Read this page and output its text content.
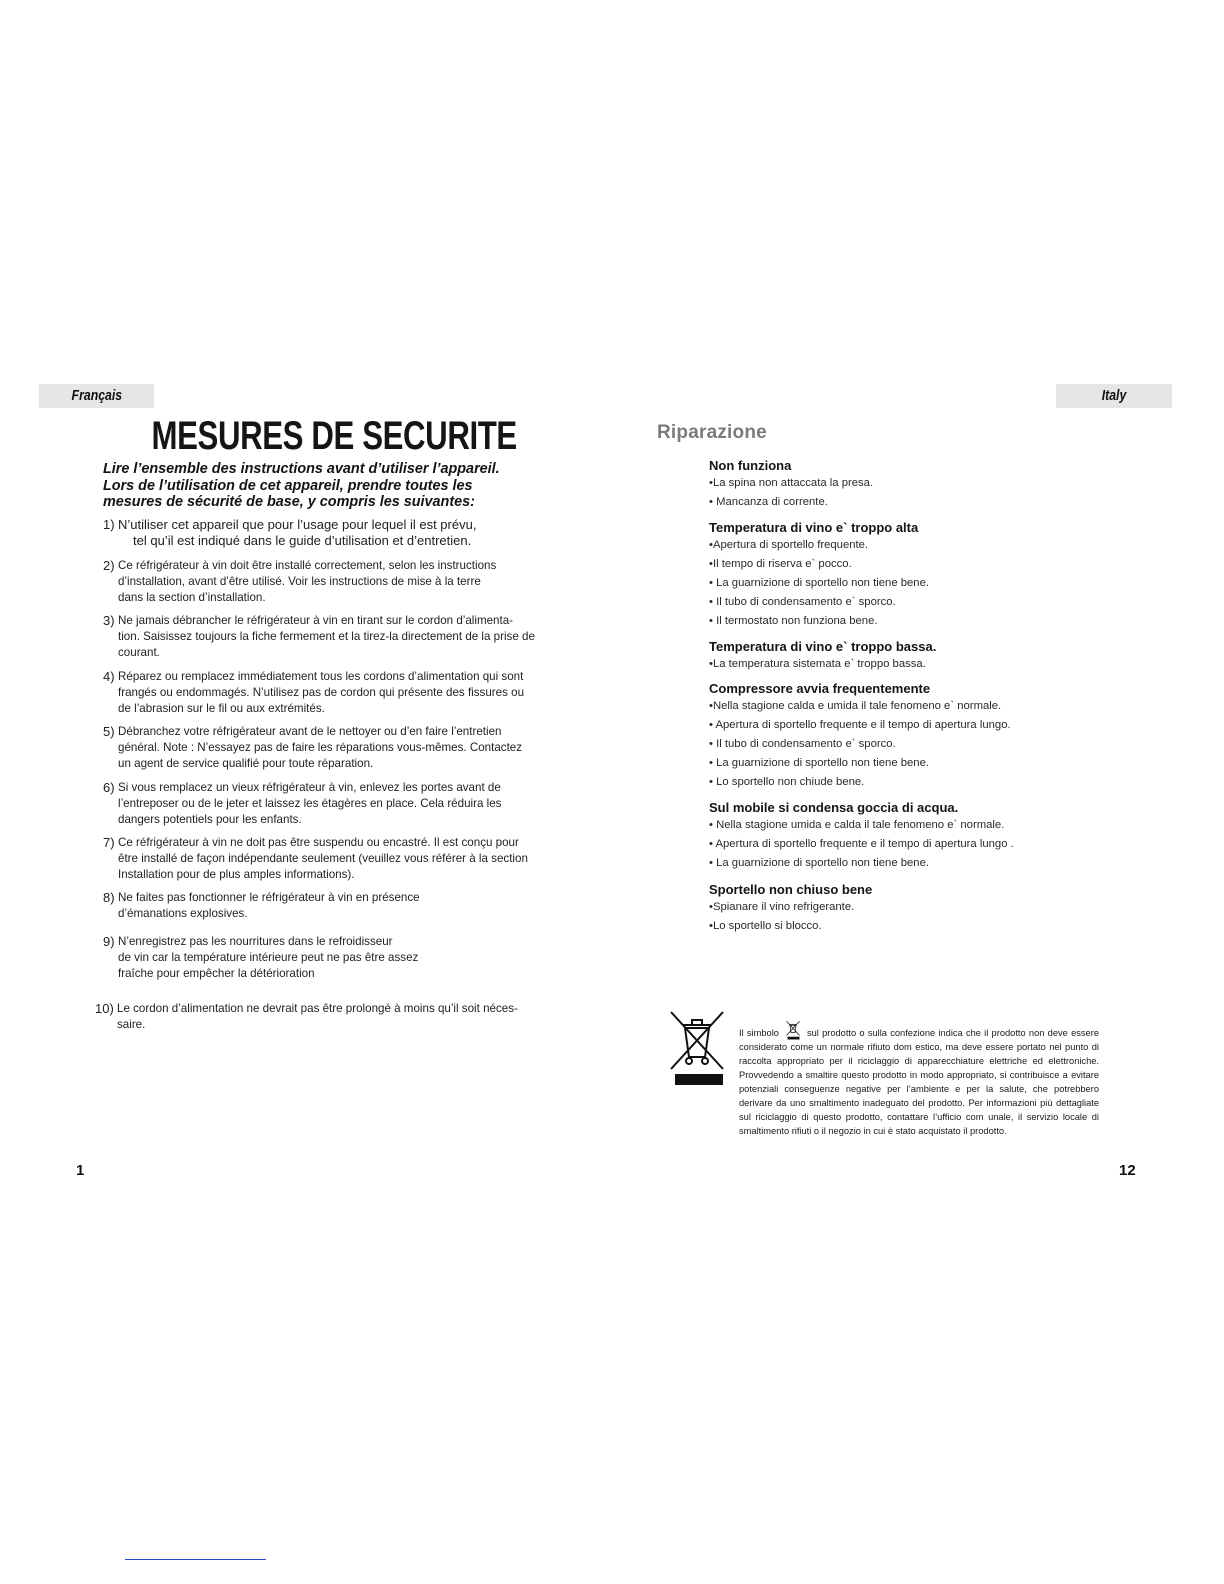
Français	Italy
MESURES DE SECURITE
Lire l’ensemble des instructions avant d’utiliser l’appareil.
Lors de l’utilisation de cet appareil, prendre toutes les
mesures de sécurité de base, y compris les suivantes:
1) N’utiliser cet appareil que pour l’usage pour lequel il est prévu,
tel qu’il est indiqué dans le guide d’utilisation et d’entretien.
2) Ce réfrigérateur à vin doit être installé correctement, selon les instructions
d’installation, avant d’être utilisé. Voir les instructions de mise à la terre
dans la section d’installation.
3) Ne jamais débrancher le réfrigérateur à vin en tirant sur le cordon d’alimenta-
tion. Saisissez toujours la fiche fermement et la tirez-la directement de la prise de
courant.
4) Réparez ou remplacez immédiatement tous les cordons d’alimentation qui sont
frangés ou endommagés. N’utilisez pas de cordon qui présente des fissures ou
de l’abrasion sur le fil ou aux extrémités.
5) Débranchez votre réfrigérateur avant de le nettoyer ou d’en faire l’entretien
général. Note : N’essayez pas de faire les réparations vous-mêmes. Contactez
un agent de service qualifié pour toute réparation.
6) Si vous remplacez un vieux réfrigérateur à vin, enlevez les portes avant de
l’entreposer ou de le jeter et laissez les étagères en place. Cela réduira les
dangers potentiels pour les enfants.
7) Ce réfrigérateur à vin ne doit pas être suspendu ou encastré. Il est conçu pour
être installé de façon indépendante seulement (veuillez vous référer à la section
Installation pour de plus amples informations).
8) Ne faites pas fonctionner le réfrigérateur à vin en présence
d’émanations explosives.
9) N’enregistrez pas les nourritures dans le refroidisseur
de vin car la température intérieure peut ne pas être assez
fraîche pour empêcher la détérioration
10) Le cordon d’alimentation ne devrait pas être prolongé à moins qu’il soit néces-
saire.
1
Riparazione

Non funziona

•La spina non attaccata la presa.

• Mancanza di corrente.

Temperatura di vino e` troppo alta

•Apertura di sportello frequente.

•Il tempo di riserva e` pocco.

• La guarnizione di sportello non tiene bene.

• Il tubo di condensamento e` sporco.

• Il termostato non funziona bene.

Temperatura di vino e` troppo bassa.

•La temperatura sistemata e` troppo bassa.

Compressore avvia frequentemente

•Nella stagione calda e umida il tale fenomeno e` normale.

• Apertura di sportello frequente e il tempo di apertura lungo.

• Il tubo di condensamento e` sporco.

• La guarnizione di sportello non tiene bene.

• Lo sportello non chiude bene.

Sul mobile si condensa goccia di acqua.

• Nella stagione umida e calda il tale fenomeno e` normale.

• Apertura di sportello frequente e il tempo di apertura lungo .

• La guarnizione di sportello non tiene bene.

Sportello non chiuso bene

•Spianare il vino refrigerante.

•Lo sportello si blocco.

Il simbolo	sul prodotto o sulla confezione indica che il prodotto non deve essere considerato come un normale rifiuto dom estico, ma deve essere portato nel punto di raccolta appropriato per il riciclaggio di apparecchiature elettriche ed elettroniche. Provvedendo a smaltire questo prodotto in modo appropriato, si contribuisce a evitare potenziali conseguenze negative per l’ambiente e per la salute, che potrebbero derivare da uno smaltimento inadeguato del prodotto. Per informazioni più dettagliate sul riciclaggio di questo prodotto, contattare l’ufficio com unale, il servizio locale di smaltimento rifiuti o il negozio in cui è stato acquistato il prodotto.
12
